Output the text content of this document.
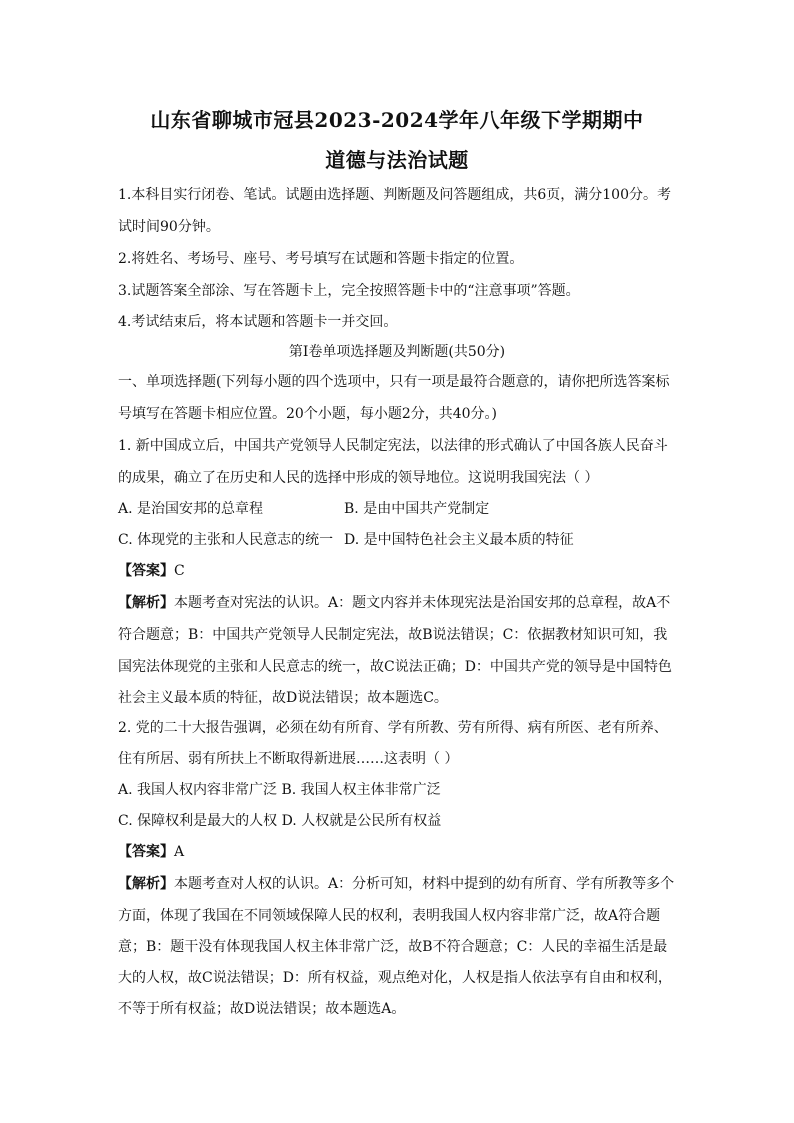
山东省聊城市冠县2023-2024学年八年级下学期期中
道德与法治试题
1.本科目实行闭卷、笔试。试题由选择题、判断题及问答题组成，共6页，满分100分。考
试时间90分钟。
2.将姓名、考场号、座号、考号填写在试题和答题卡指定的位置。
3.试题答案全部涂、写在答题卡上，完全按照答题卡中的“注意事项”答题。
4.考试结束后，将本试题和答题卡一并交回。
第Ⅰ卷单项选择题及判断题(共50分)
一、单项选择题(下列每小题的四个选项中，只有一项是最符合题意的，请你把所选答案标
号填写在答题卡相应位置。20个小题，每小题2分，共40分。)
1. 新中国成立后，中国共产党领导人民制定宪法，以法律的形式确认了中国各族人民奋斗
的成果，确立了在历史和人民的选择中形成的领导地位。这说明我国宪法（ ）
A. 是治国安邦的总章程	B. 是由中国共产党制定
C. 体现党的主张和人民意志的统一 D. 是中国特色社会主义最本质的特征
【答案】C
【解析】本题考查对宪法的认识。A：题文内容并未体现宪法是治国安邦的总章程，故A不
符合题意；B：中国共产党领导人民制定宪法，故B说法错误；C：依据教材知识可知，我
国宪法体现党的主张和人民意志的统一，故C说法正确；D：中国共产党的领导是中国特色
社会主义最本质的特征，故D说法错误；故本题选C。
2. 党的二十大报告强调，必须在幼有所育、学有所教、劳有所得、病有所医、老有所养、
住有所居、弱有所扶上不断取得新进展……这表明（ ）
A. 我国人权内容非常广泛 B. 我国人权主体非常广泛
C. 保障权利是最大的人权 D. 人权就是公民所有权益
【答案】A
【解析】本题考查对人权的认识。A：分析可知，材料中提到的幼有所育、学有所教等多个
方面，体现了我国在不同领域保障人民的权利，表明我国人权内容非常广泛，故A符合题
意；B：题干没有体现我国人权主体非常广泛，故B不符合题意；C：人民的幸福生活是最
大的人权，故C说法错误；D：所有权益，观点绝对化，人权是指人依法享有自由和权利，
不等于所有权益；故D说法错误；故本题选A。
